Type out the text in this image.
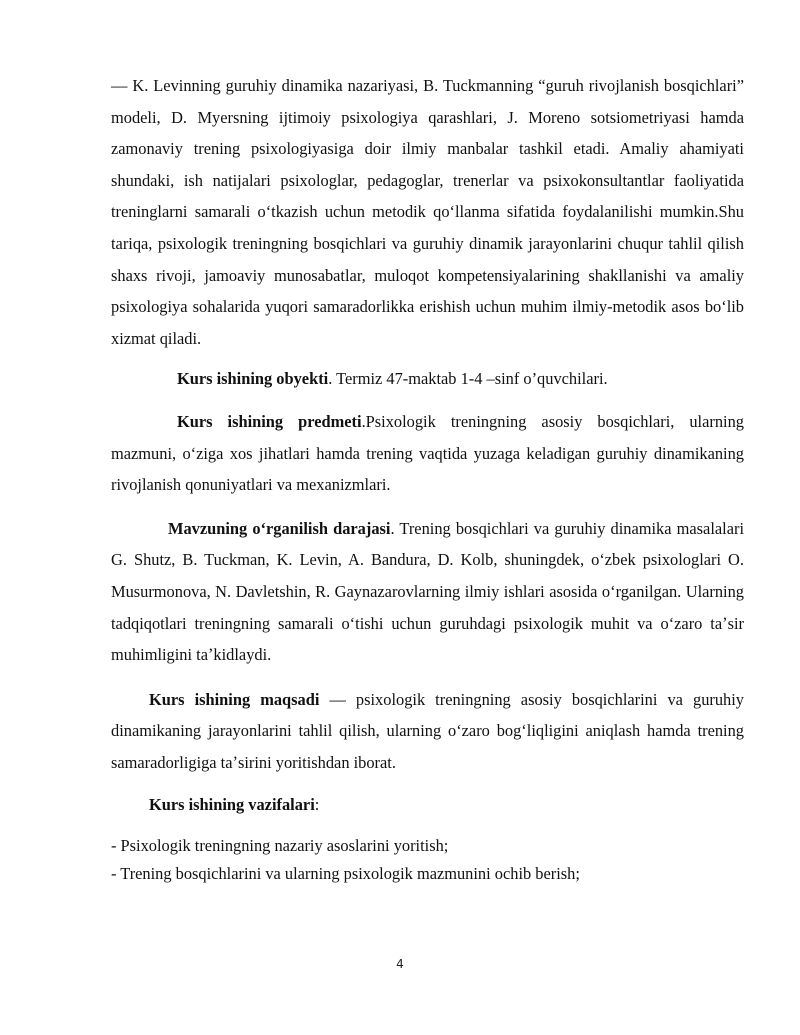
— K. Levinning guruhiy dinamika nazariyasi, B. Tuckmanning “guruh rivojlanish bosqichlari” modeli, D. Myersning ijtimoiy psixologiya qarashlari, J. Moreno sotsiometriyasi hamda zamonaviy trening psixologiyasiga doir ilmiy manbalar tashkil etadi. Amaliy ahamiyati shundaki, ish natijalari psixologlar, pedagoglar, trenerlar va psixokonsultantlar faoliyatida treninglarni samarali oʻtkazish uchun metodik qoʻllanma sifatida foydalanilishi mumkin.Shu tariqa, psixologik treningning bosqichlari va guruhiy dinamik jarayonlarini chuqur tahlil qilish shaxs rivoji, jamoaviy munosabatlar, muloqot kompetensiyalarining shakllanishi va amaliy psixologiya sohalarida yuqori samaradorlikka erishish uchun muhim ilmiy-metodik asos boʻlib xizmat qiladi.

Kurs ishining obyekti. Termiz 47-maktab 1-4 –sinf o’quvchilari.

Kurs ishining predmeti.Psixologik treningning asosiy bosqichlari, ularning mazmuni, oʻziga xos jihatlari hamda trening vaqtida yuzaga keladigan guruhiy dinamikaning rivojlanish qonuniyatlari va mexanizmlari.

Mavzuning oʻrganilish darajasi. Trening bosqichlari va guruhiy dinamika masalalari G. Shutz, B. Tuckman, K. Levin, A. Bandura, D. Kolb, shuningdek, oʻzbek psixologlari O. Musurmonova, N. Davletshin, R. Gaynazarovlarning ilmiy ishlari asosida oʻrganilgan. Ularning tadqiqotlari treningning samarali oʻtishi uchun guruhdagi psixologik muhit va oʻzaro taʼsir muhimligini taʼkidlaydi.

Kurs ishining maqsadi — psixologik treningning asosiy bosqichlarini va guruhiy dinamikaning jarayonlarini tahlil qilish, ularning oʻzaro bogʻliqligini aniqlash hamda trening samaradorligiga taʼsirini yoritishdan iborat.

Kurs ishining vazifalari:

- Psixologik treningning nazariy asoslarini yoritish;

- Trening bosqichlarini va ularning psixologik mazmunini ochib berish;

4
